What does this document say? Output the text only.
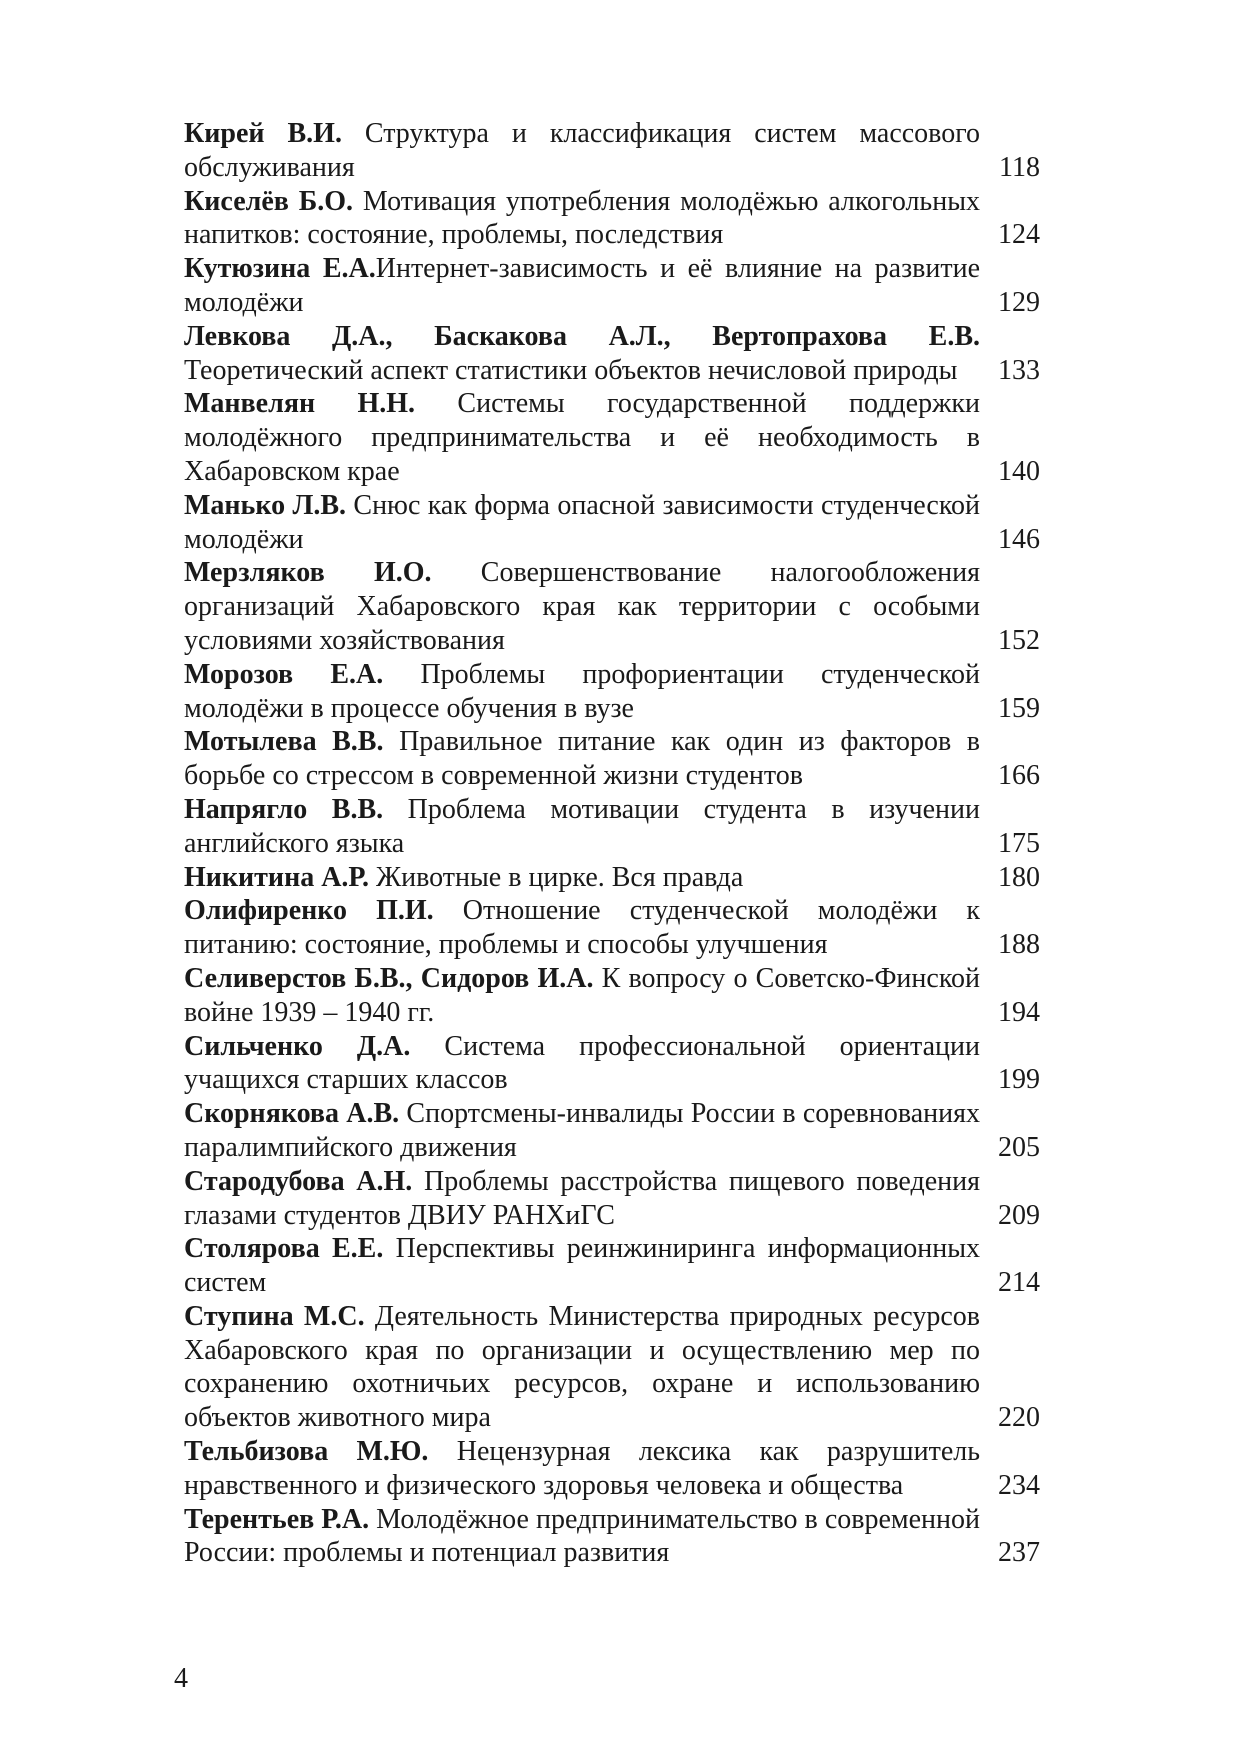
Кирей В.И. Структура и классификация систем массового обслуживания	118
Киселёв Б.О. Мотивация употребления молодёжью алкогольных напитков: состояние, проблемы, последствия	124
Кутюзина Е.А.Интернет-зависимость и её влияние на развитие молодёжи	129
Левкова Д.А., Баскакова А.Л., Вертопрахова Е.В. Теоретический аспект статистики объектов нечисловой природы	133
Манвелян Н.Н. Системы государственной поддержки молодёжного предпринимательства и её необходимость в Хабаровском крае	140
Манько Л.В. Снюс как форма опасной зависимости студенческой молодёжи	146
Мерзляков И.О. Совершенствование налогообложения организаций Хабаровского края как территории с особыми условиями хозяйствования	152
Морозов Е.А. Проблемы профориентации студенческой молодёжи в процессе обучения в вузе	159
Мотылева В.В. Правильное питание как один из факторов в борьбе со стрессом в современной жизни студентов	166
Напрягло В.В. Проблема мотивации студента в изучении английского языка	175
Никитина А.Р. Животные в цирке. Вся правда	180
Олифиренко П.И. Отношение студенческой молодёжи к питанию: состояние, проблемы и способы улучшения	188
Селиверстов Б.В., Сидоров И.А. К вопросу о Советско-Финской войне 1939 – 1940 гг.	194
Сильченко Д.А. Система профессиональной ориентации учащихся старших классов	199
Скорнякова А.В. Спортсмены-инвалиды России в соревнованиях паралимпийского движения	205
Стародубова А.Н. Проблемы расстройства пищевого поведения глазами студентов ДВИУ РАНХиГС	209
Столярова Е.Е. Перспективы реинжиниринга информационных систем	214
Ступина М.С. Деятельность Министерства природных ресурсов Хабаровского края по организации и осуществлению мер по сохранению охотничьих ресурсов, охране и использованию объектов животного мира	220
Тельбизова М.Ю. Нецензурная лексика как разрушитель нравственного и физического здоровья человека и общества	234
Терентьев Р.А. Молодёжное предпринимательство в современной России: проблемы и потенциал развития	237
4
